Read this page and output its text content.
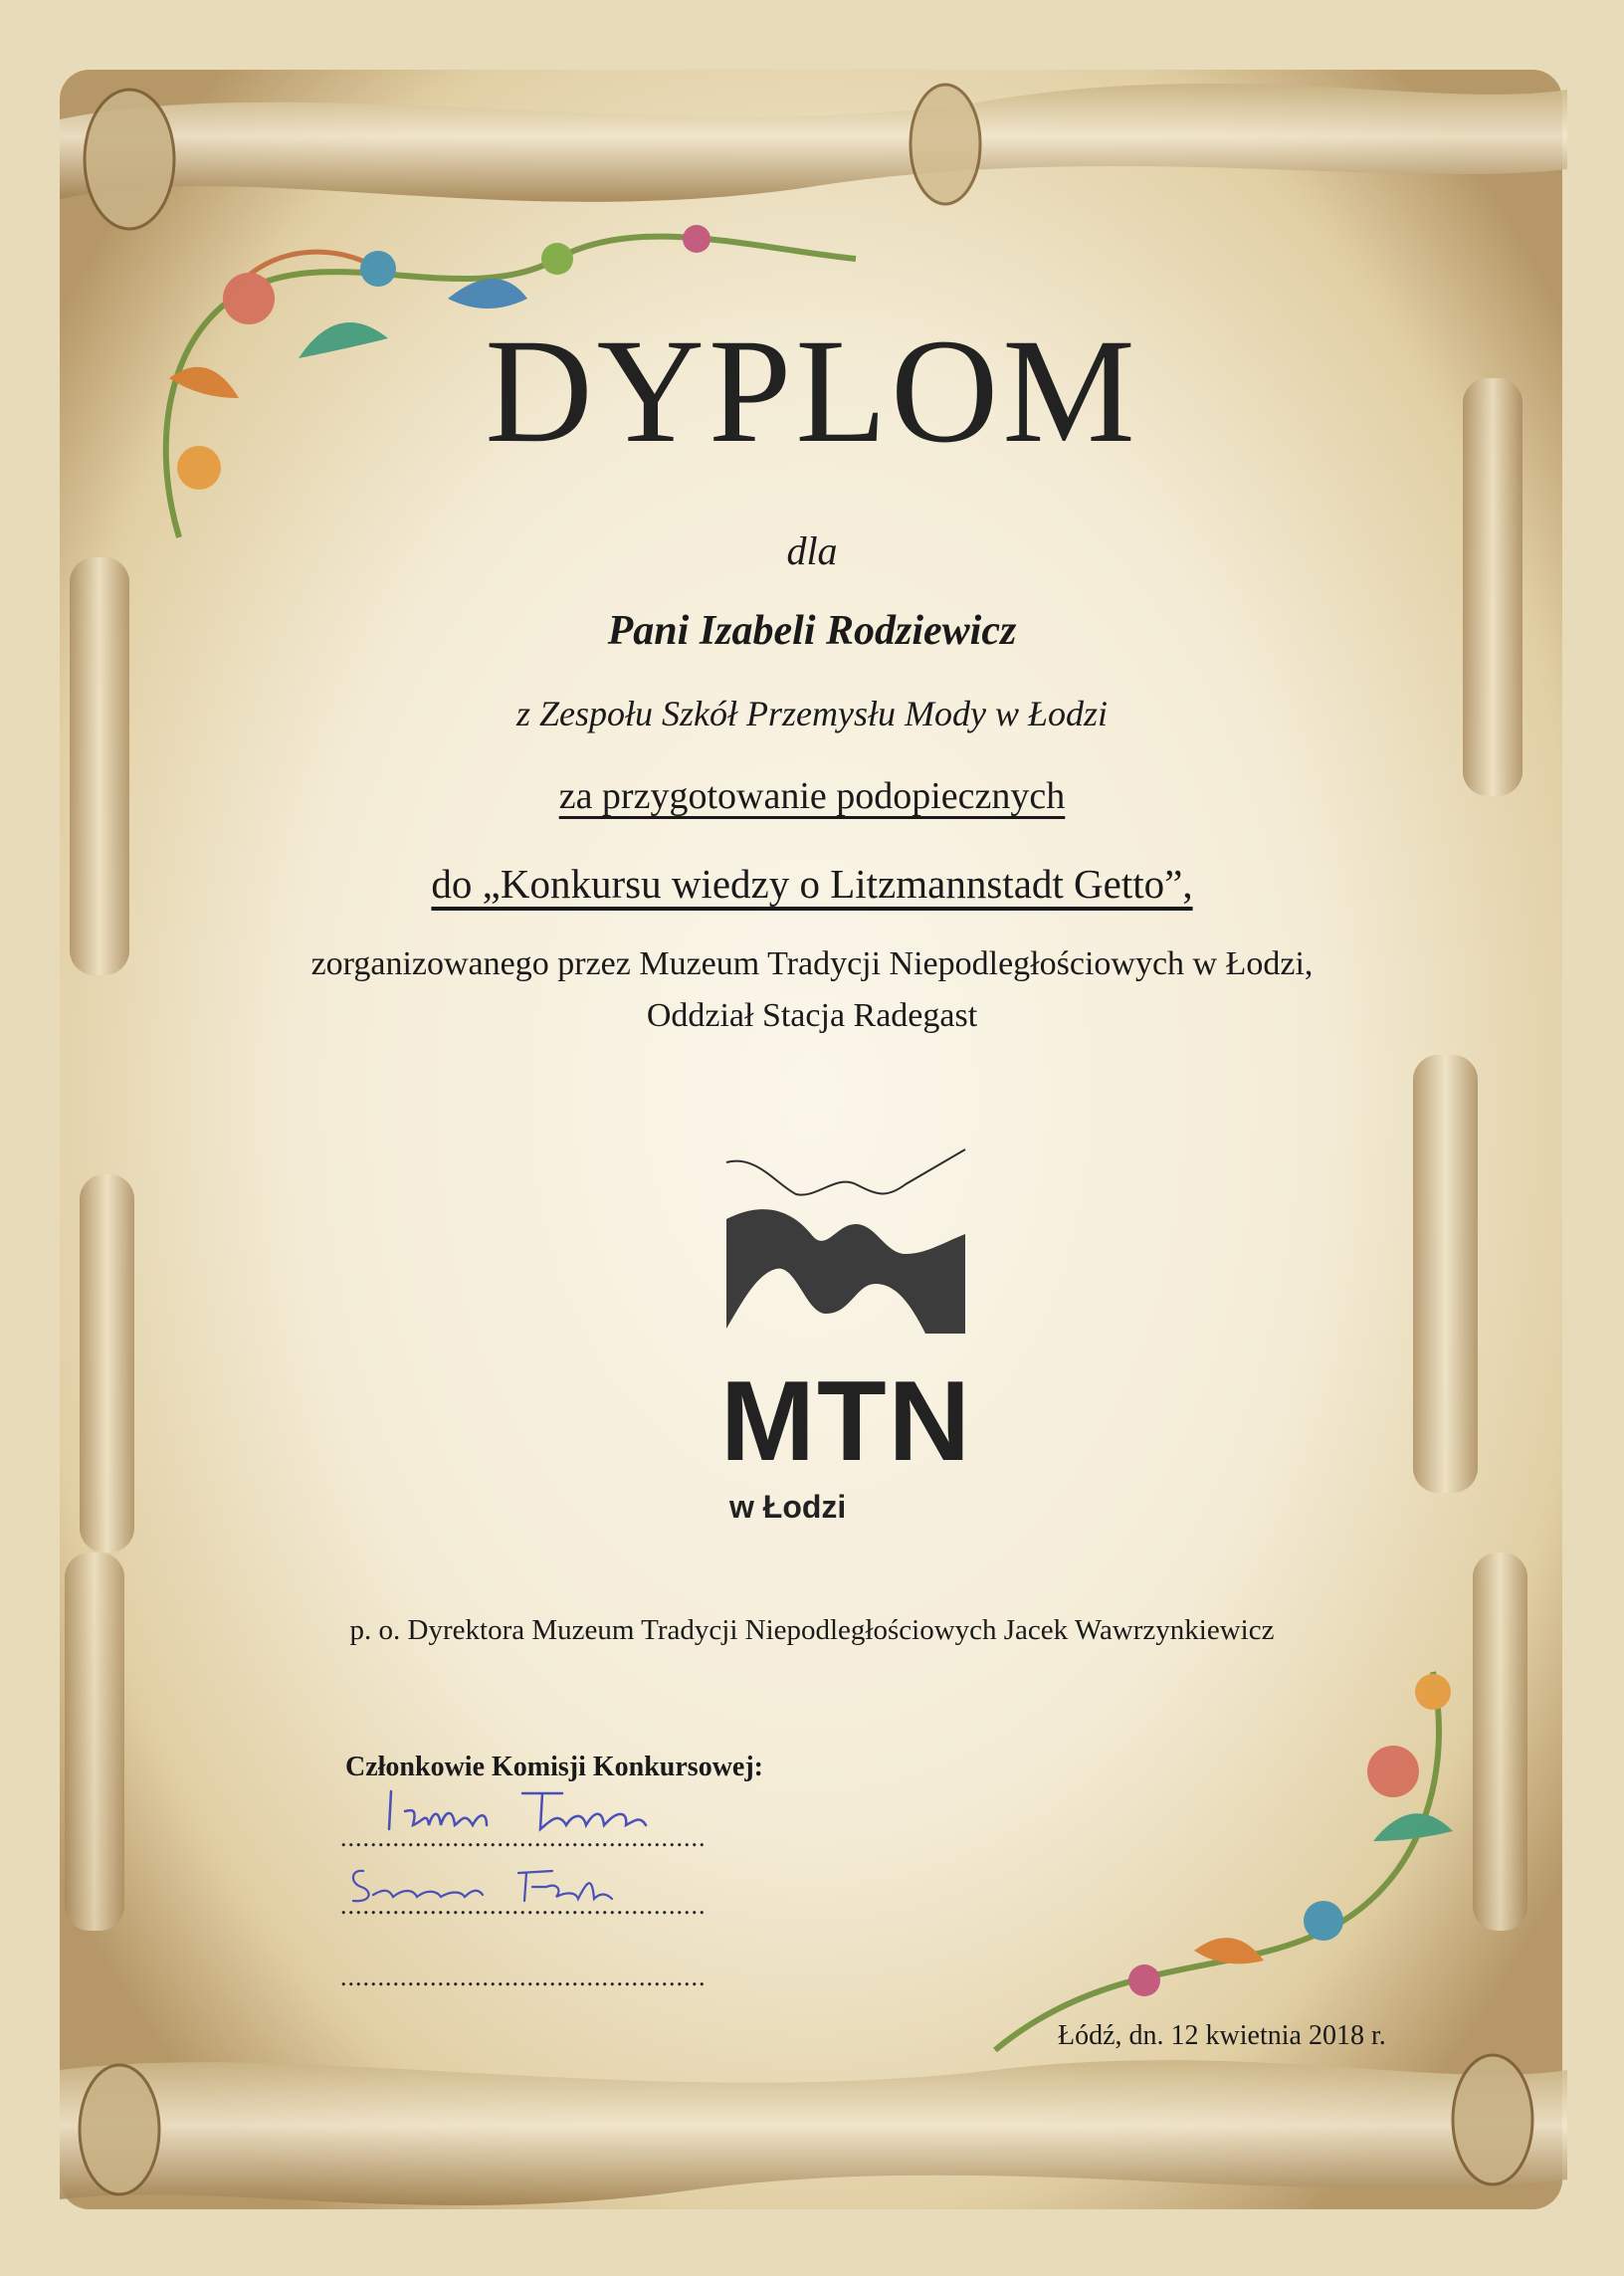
DYPLOM
dla
Pani Izabeli Rodziewicz
z Zespołu Szkół Przemysłu Mody w Łodzi
za przygotowanie podopiecznych
do „Konkursu wiedzy o Litzmannstadt Getto”,
zorganizowanego przez Muzeum Tradycji Niepodległościowych w Łodzi,
Oddział Stacja Radegast
MTN
w Łodzi
p. o. Dyrektora Muzeum Tradycji Niepodległościowych Jacek Wawrzynkiewicz
Członkowie Komisji Konkursowej:
.................................................
.................................................
.................................................
Łódź, dn. 12 kwietnia 2018 r.
